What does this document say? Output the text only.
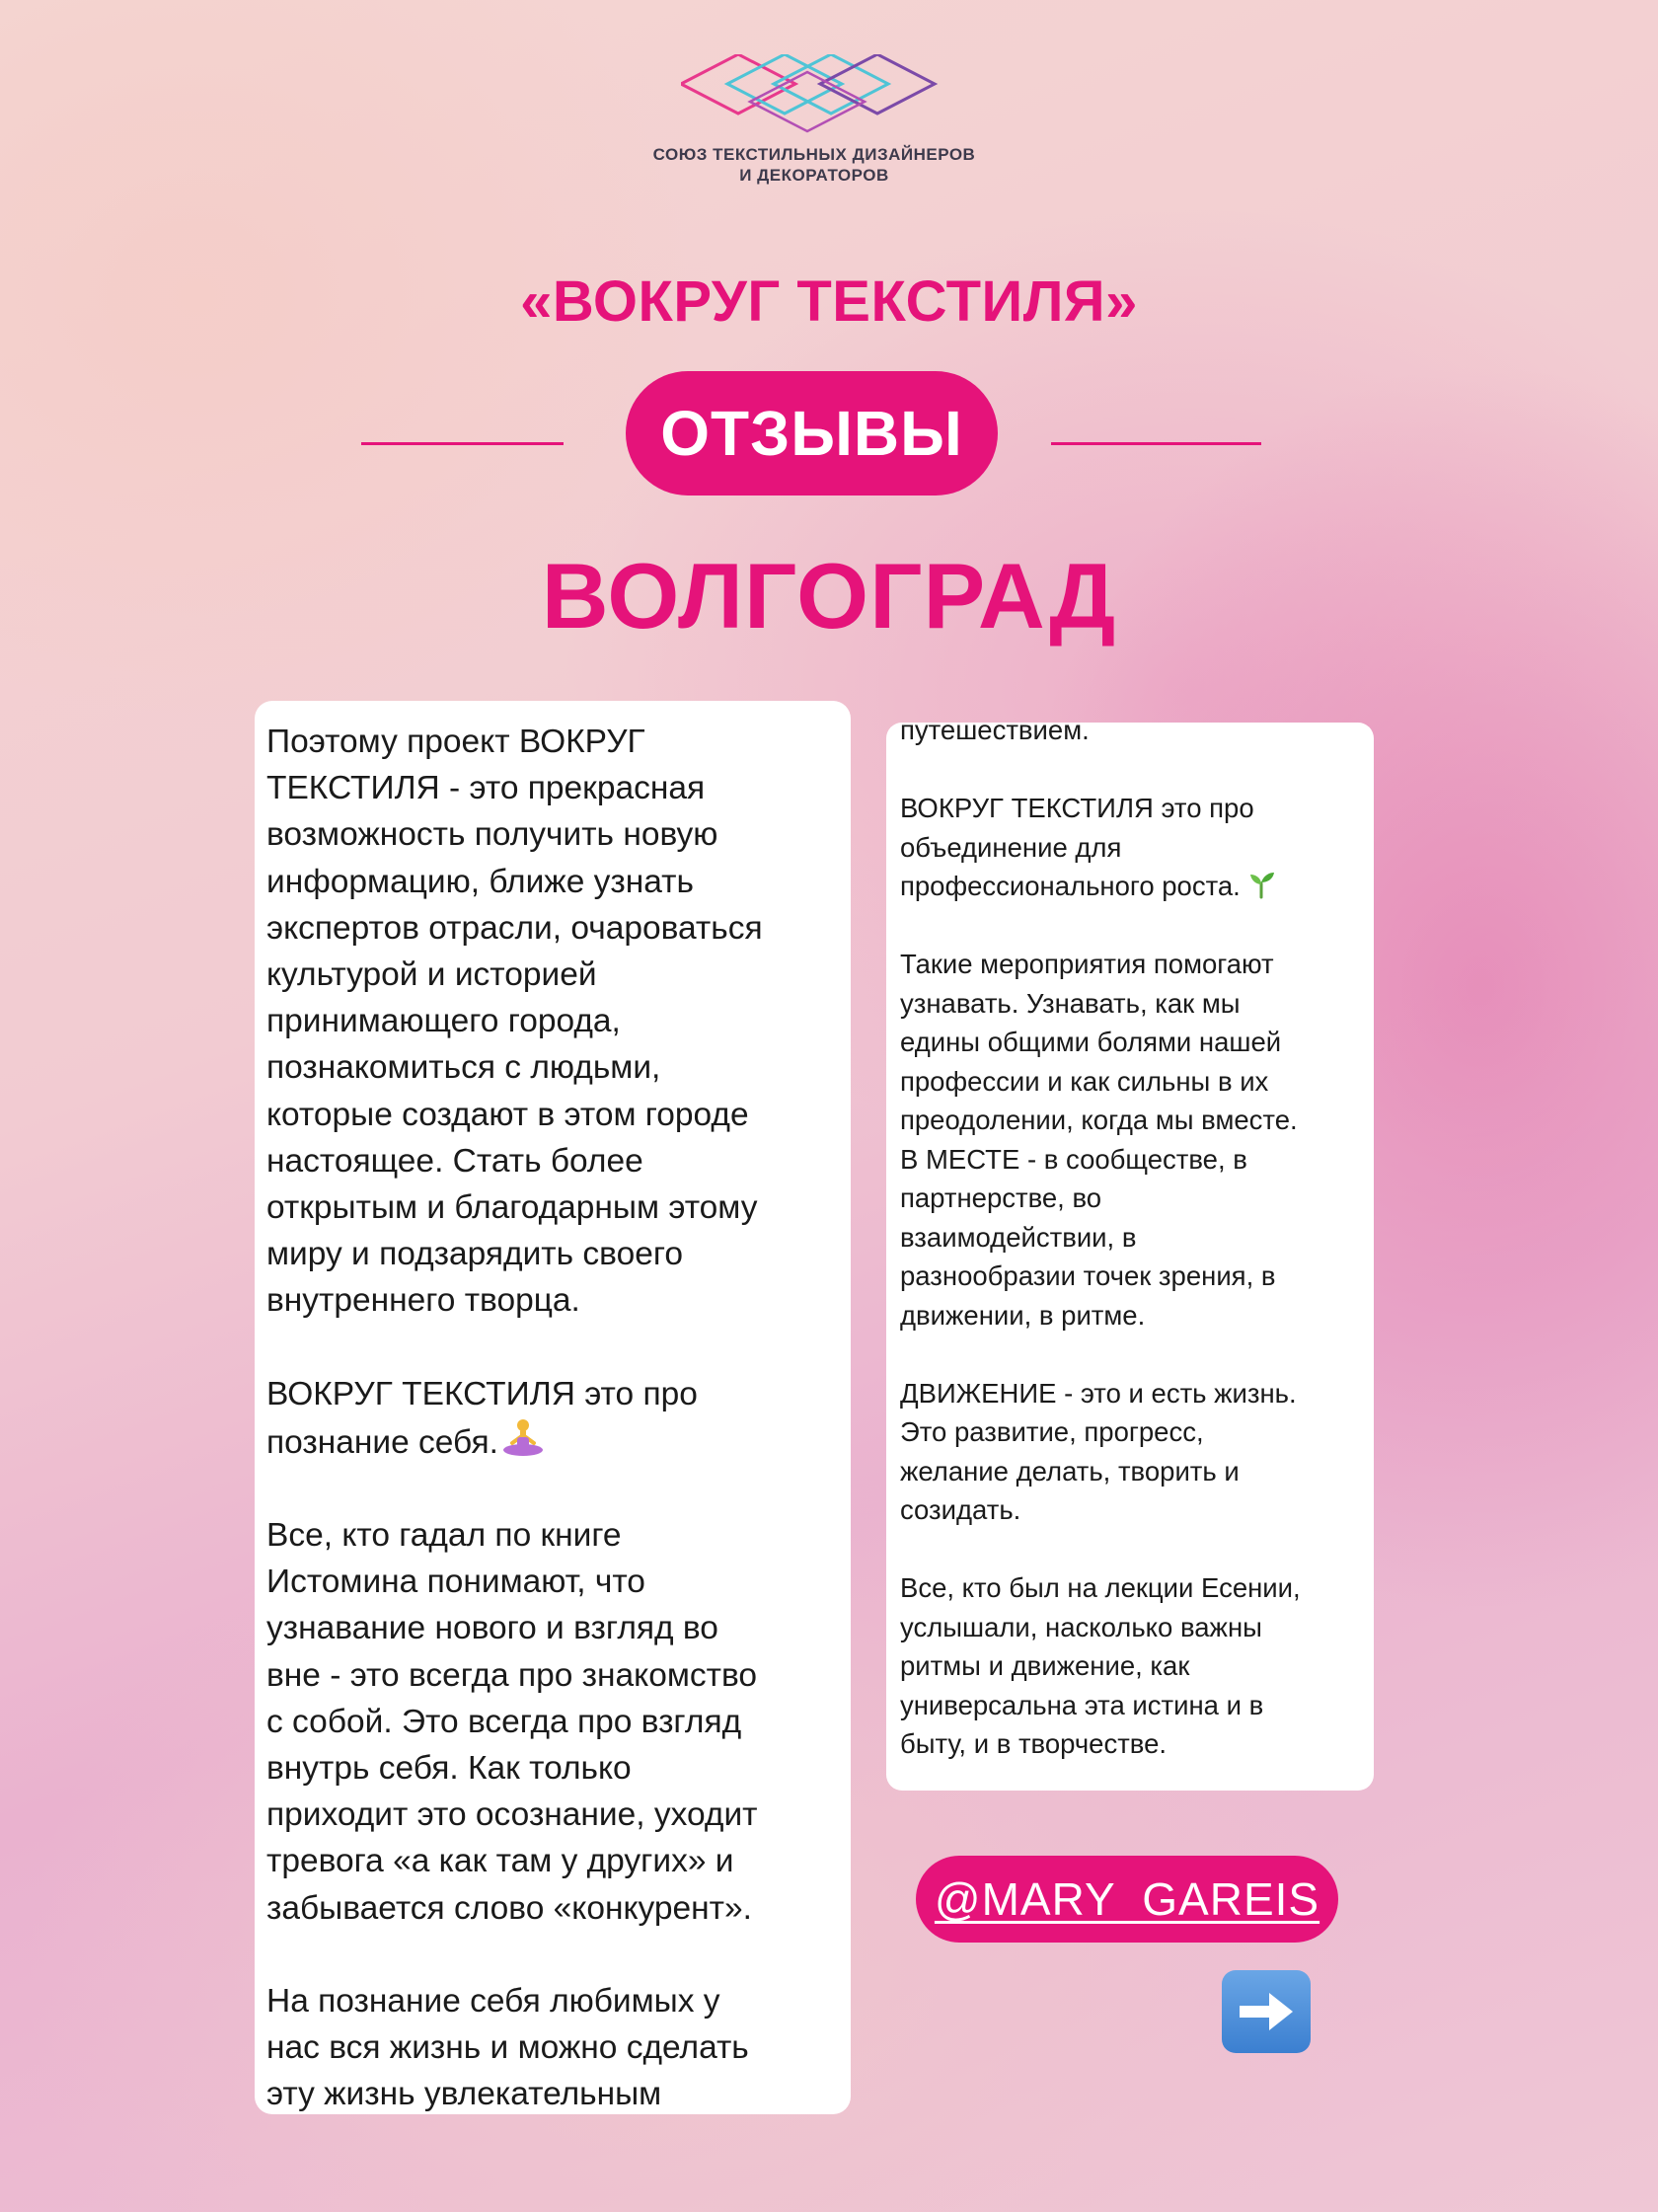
СОЮЗ ТЕКСТИЛЬНЫХ ДИЗАЙНЕРОВ
И ДЕКОРАТОРОВ
«ВОКРУГ ТЕКСТИЛЯ»
ОТЗЫВЫ
ВОЛГОГРАД

Поэтому проект ВОКРУГ
ТЕКСТИЛЯ - это прекрасная
возможность получить новую
информацию, ближе узнать
экспертов отрасли, очароваться
культурой и историей
принимающего города,
познакомиться с людьми,
которые создают в этом городе
настоящее. Стать более
открытым и благодарным этому
миру и подзарядить своего
внутреннего творца.

ВОКРУГ ТЕКСТИЛЯ это про
познание себя.

Все, кто гадал по книге
Истомина понимают, что
узнавание нового и взгляд во
вне - это всегда про знакомство
с собой. Это всегда про взгляд
внутрь себя. Как только
приходит это осознание, уходит
тревога «а как там у других» и
забывается слово «конкурент».

На познание себя любимых у
нас вся жизнь и можно сделать
эту жизнь увлекательным

путешествием.

ВОКРУГ ТЕКСТИЛЯ это про
объединение для
профессионального роста.

Такие мероприятия помогают
узнавать. Узнавать, как мы
едины общими болями нашей
профессии и как сильны в их
преодолении, когда мы вместе.
В МЕСТЕ - в сообществе, в
партнерстве, во
взаимодействии, в
разнообразии точек зрения, в
движении, в ритме.

ДВИЖЕНИЕ - это и есть жизнь.
Это развитие, прогресс,
желание делать, творить и
созидать.

Все, кто был на лекции Есении,
услышали, насколько важны
ритмы и движение, как
универсальна эта истина и в
быту, и в творчестве.

@MARY_GAREIS
